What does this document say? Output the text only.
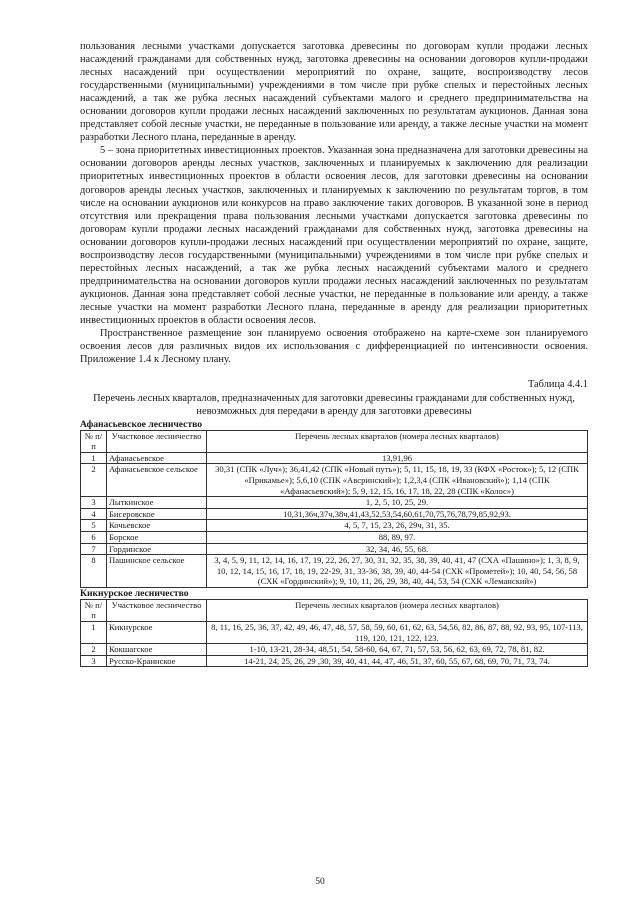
пользования лесными участками допускается заготовка древесины по договорам купли продажи лесных насаждений гражданами для собственных нужд, заготовка древесины на основании договоров купли-продажи лесных насаждений при осуществлении мероприятий по охране, защите, воспроизводству лесов государственными (муниципальными) учреждениями в том числе при рубке спелых и перестойных лесных насаждений, а так же рубка лесных насаждений субъектами малого и среднего предпринимательства на основании договоров купли продажи лесных насаждений заключенных по результатам аукционов. Данная зона представляет собой лесные участки, не переданные в пользование или аренду, а также лесные участки на момент разработки Лесного плана, переданные в аренду.

5 – зона приоритетных инвестиционных проектов. Указанная зона предназначена для заготовки древесины на основании договоров аренды лесных участков, заключенных и планируемых к заключению для реализации приоритетных инвестиционных проектов в области освоения лесов, для заготовки древесины на основании договоров аренды лесных участков, заключенных и планируемых к заключению по результатам торгов, в том числе на основании аукционов или конкурсов на право заключение таких договоров. В указанной зоне в период отсутствия или прекращения права пользования лесными участками допускается заготовка древесины по договорам купли продажи лесных насаждений гражданами для собственных нужд, заготовка древесины на основании договоров купли-продажи лесных насаждений при осуществлении мероприятий по охране, защите, воспроизводству лесов государственными (муниципальными) учреждениями в том числе при рубке спелых и перестойных лесных насаждений, а так же рубка лесных насаждений субъектами малого и среднего предпринимательства на основании договоров купли продажи лесных насаждений заключенных по результатам аукционов. Данная зона представляет собой лесные участки, не переданные в пользование или аренду, а также лесные участки на момент разработки Лесного плана, переданные в аренду для реализации приоритетных инвестиционных проектов в области освоения лесов.

Пространственное размещение зон планируемо освоения отображено на карте-схеме зон планируемого освоения лесов для различных видов их использования с дифференциацией по интенсивности освоения. Приложение 1.4 к Лесному плану.

Таблица 4.4.1

Перечень лесных кварталов, предназначенных для заготовки древесины гражданами для собственных нужд, невозможных для передачи в аренду для заготовки древесины

Афанасьевское лесничество

№ п/п	Участковое лесничество	Перечень лесных кварталов (номера лесных кварталов)
1	Афанасьевское	13,91,96
2	Афанасьевское сельское	30,31 (СПК «Луч»); 36,41,42 (СПК «Новый путь»); 5, 11, 15, 18, 19, 33 (КФХ «Росток»); 5, 12 (СПК «Прикамье»); 5,6,10 (СПК «Авсринский»); 1,2,3,4 (СПК «Ивановский»); 1,14 (СПК «Афанасьевский»); 5, 9, 12, 15, 16, 17, 18, 22, 28 (СПК «Колос»)
3	Лыткинское	1, 2, 5, 10, 25, 29.
4	Бисеровское	10,31,36ч,37ч,38ч,41,43,52,53,54,60,61,70,75,76,78,79,85,92,93.
5	Кочьевское	4, 5, 7, 15, 23, 26, 29ч, 31, 35.
6	Борское	88, 89, 97.
7	Гординское	32, 34, 46, 55, 68.
8	Пашинское сельское	3, 4, 5, 9, 11, 12, 14, 16, 17, 19, 22, 26, 27, 30, 31, 32, 35, 38, 39, 40, 41, 47 (СХА «Пашино»); 1, 3, 8, 9, 10, 12, 14, 15, 16, 17, 18, 19, 22-29, 31, 33-36, 38, 39, 40, 44-54 (СХК «Прометей»); 10, 40, 54, 56, 58 (СХК «Гординский»); 9, 10, 11, 26, 29, 38, 40, 44, 53, 54 (СХК «Леманский»)

Кикнурское лесничество

№ п/п	Участковое лесничество	Перечень лесных кварталов (номера лесных кварталов)
1	Кикнурское	8, 11, 16, 25, 36, 37, 42, 49, 46, 47, 48, 57, 58, 59, 60, 61, 62, 63, 54,56, 82, 86, 87, 88, 92, 93, 95, 107-113, 119, 120, 121, 122, 123.
2	Кокшагское	1-10, 13-21, 28-34, 48,51, 54, 58-60, 64, 67, 71, 57, 53, 56, 62, 63, 69, 72, 78, 81, 82.
3	Русско-Краинское	14-21, 24, 25, 26, 29 ,30, 39, 40, 41, 44, 47, 46, 51, 37, 60, 55, 67, 68, 69, 70, 71, 73, 74.
50
